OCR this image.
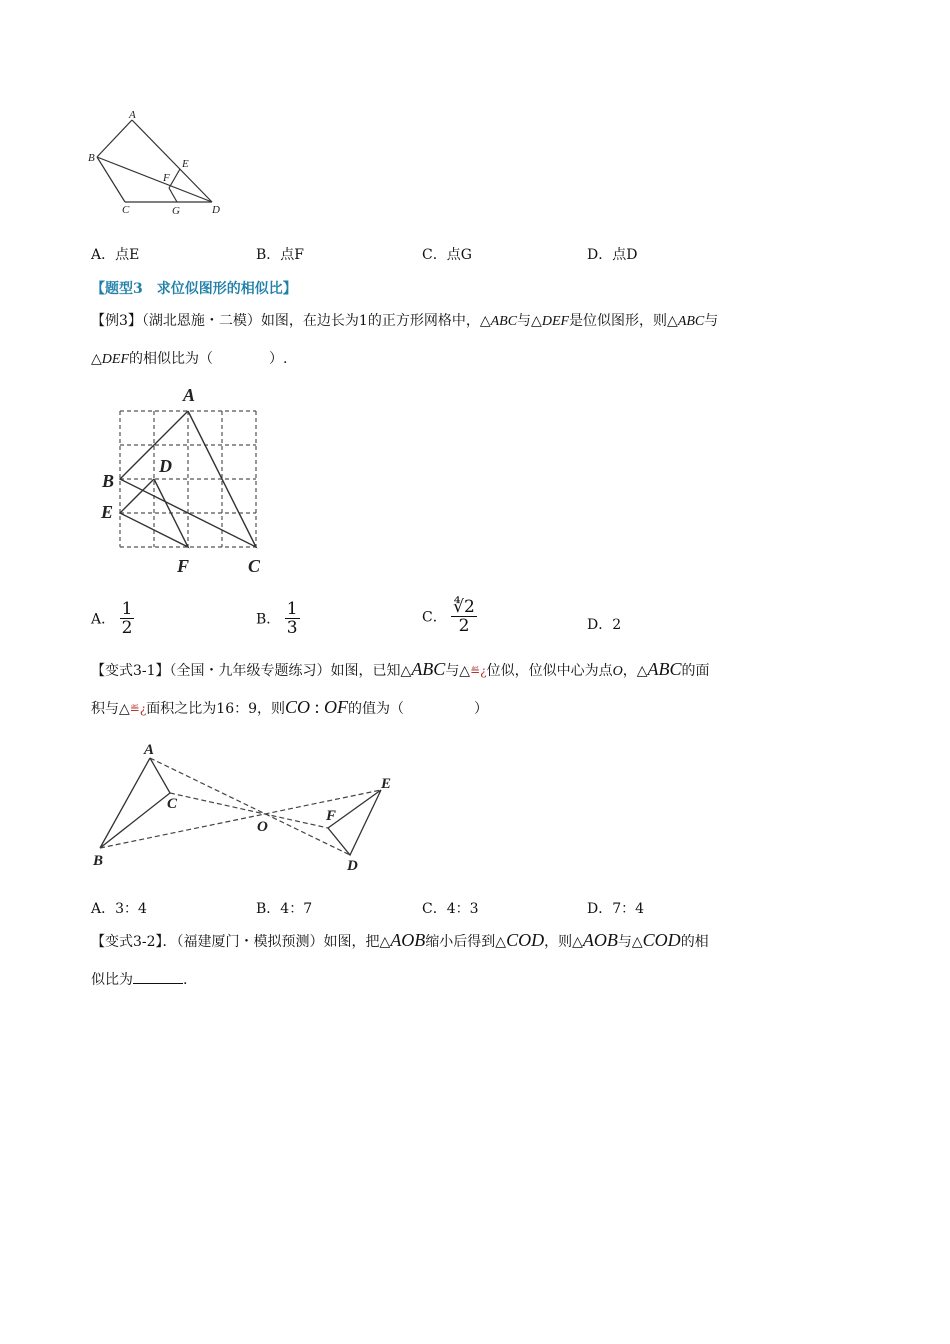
A
B	E
F
C	G	D
A．点E	B．点F	C．点G	D．点D
【题型3　求位似图形的相似比】
【例3】（湖北恩施・二模）如图，在边长为1的正方形网格中，△ABC与△DEF是位似图形，则△ABC与
△DEF的相似比为（　　　　）.
A
D
B
E
F	C
A． $\frac{1}{2}$	B． $\frac{1}{3}$	C． $\frac{∜2}{2}$	D．2
【变式3-1】（全国・九年级专题练习）如图，已知△ABC与△≝¿位似，位似中心为点O，△ABC的面
积与△≝¿面积之比为16：9，则CO : OF的值为（　　　　　）
A
C
O
B
E
F
D
A．3：4	B．4：7	C．4：3	D．7：4
【变式3-2】．（福建厦门・模拟预测）如图，把△AOB缩小后得到△COD，则△AOB与△COD的相
似比为	.
